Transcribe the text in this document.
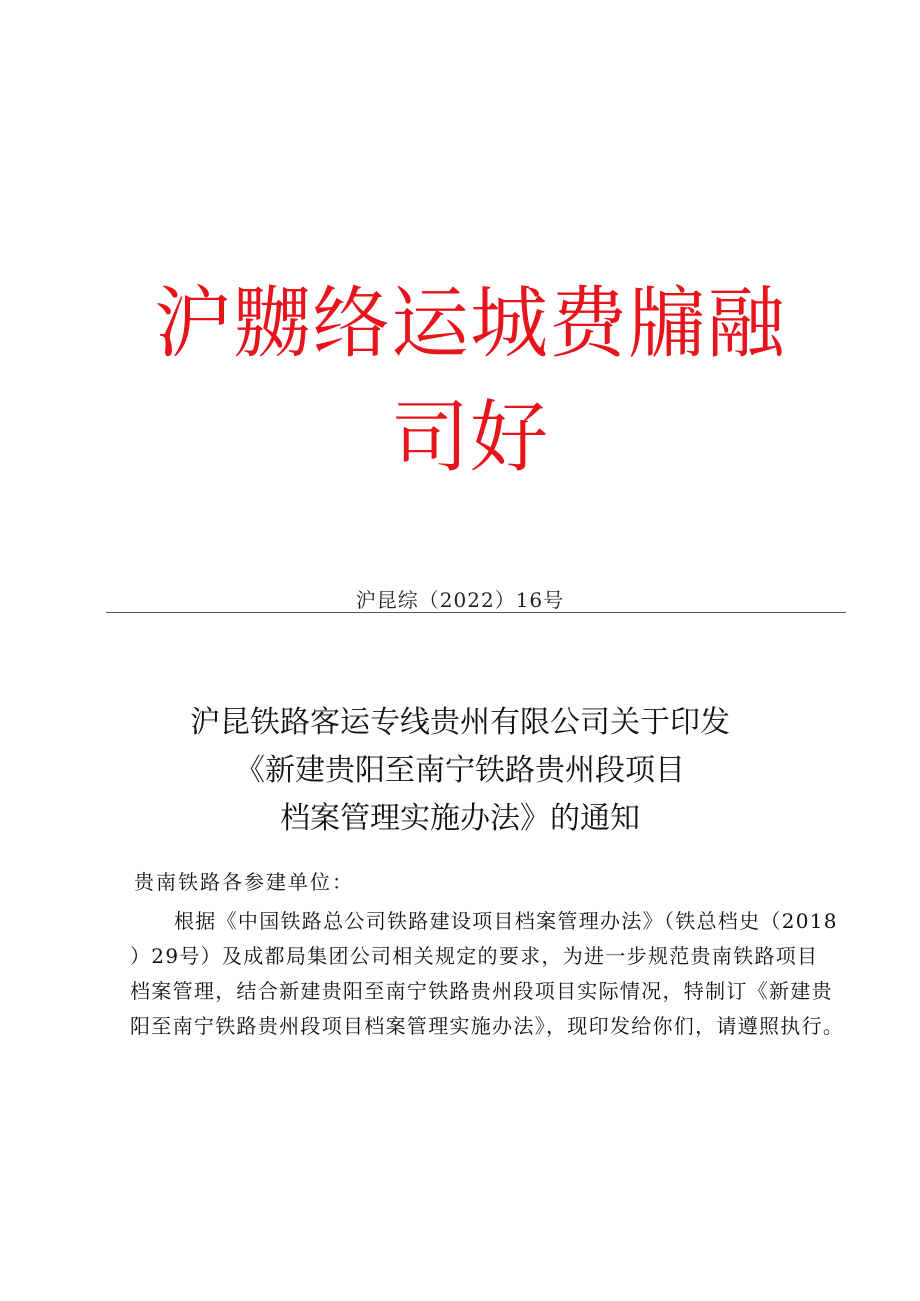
沪嬲络运城费牖融
司好
沪昆综（2022）16号
沪昆铁路客运专线贵州有限公司关于印发
《新建贵阳至南宁铁路贵州段项目
档案管理实施办法》的通知

贵南铁路各参建单位：

根据《中国铁路总公司铁路建设项目档案管理办法》（铁总档史（2018
）29号）及成都局集团公司相关规定的要求，为进一步规范贵南铁路项目
档案管理，结合新建贵阳至南宁铁路贵州段项目实际情况，特制订《新建贵
阳至南宁铁路贵州段项目档案管理实施办法》，现印发给你们，请遵照执行。
